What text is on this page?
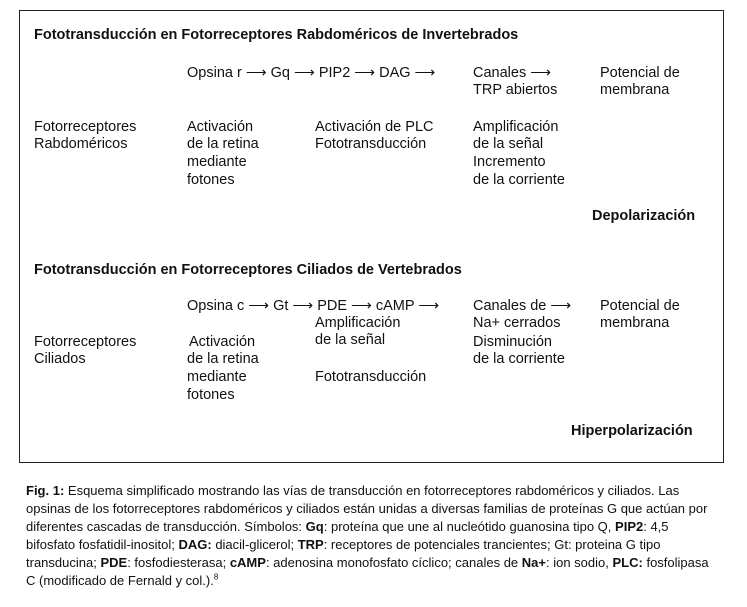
Fototransducción en Fotorreceptores Rabdoméricos de Invertebrados
Opsina r ⟶ Gq ⟶ PIP2 ⟶ DAG ⟶	Canales ⟶
TRP abiertos
Potencial de
membrana
Fotorreceptores
Rabdoméricos
Activación
de la retina
mediante
fotones
Activación de PLC
Fototransducción
Amplificación
de la señal
Incremento
de la corriente
Depolarización
Fototransducción en Fotorreceptores Ciliados de Vertebrados
Opsina c ⟶ Gt ⟶ PDE ⟶ cAMP ⟶ Canales de ⟶
Na+ cerrados
Potencial de
membrana
Amplificación
de la señal
Fotorreceptores
Ciliados
Activación
de la retina
mediante
fotones
Disminución
de la corriente
Fototransducción
Hiperpolarización
Fig. 1: Esquema simplificado mostrando las vías de transducción en fotorreceptores rabdoméricos y ciliados. Las opsinas de los fotorreceptores rabdoméricos y ciliados están unidas a diversas familias de proteínas G que actúan por diferentes cascadas de transducción. Símbolos: Gq: proteína que une al nucleótido guanosina tipo Q, PIP2: 4,5 bifosfato fosfatidil-inositol; DAG: diacil-glicerol; TRP: receptores de potenciales trancientes; Gt: proteina G tipo transducina; PDE: fosfodiesterasa; cAMP: adenosina monofosfato cíclico; canales de Na+: ion sodio, PLC: fosfolipasa C (modificado de Fernald y col.).$^8$
